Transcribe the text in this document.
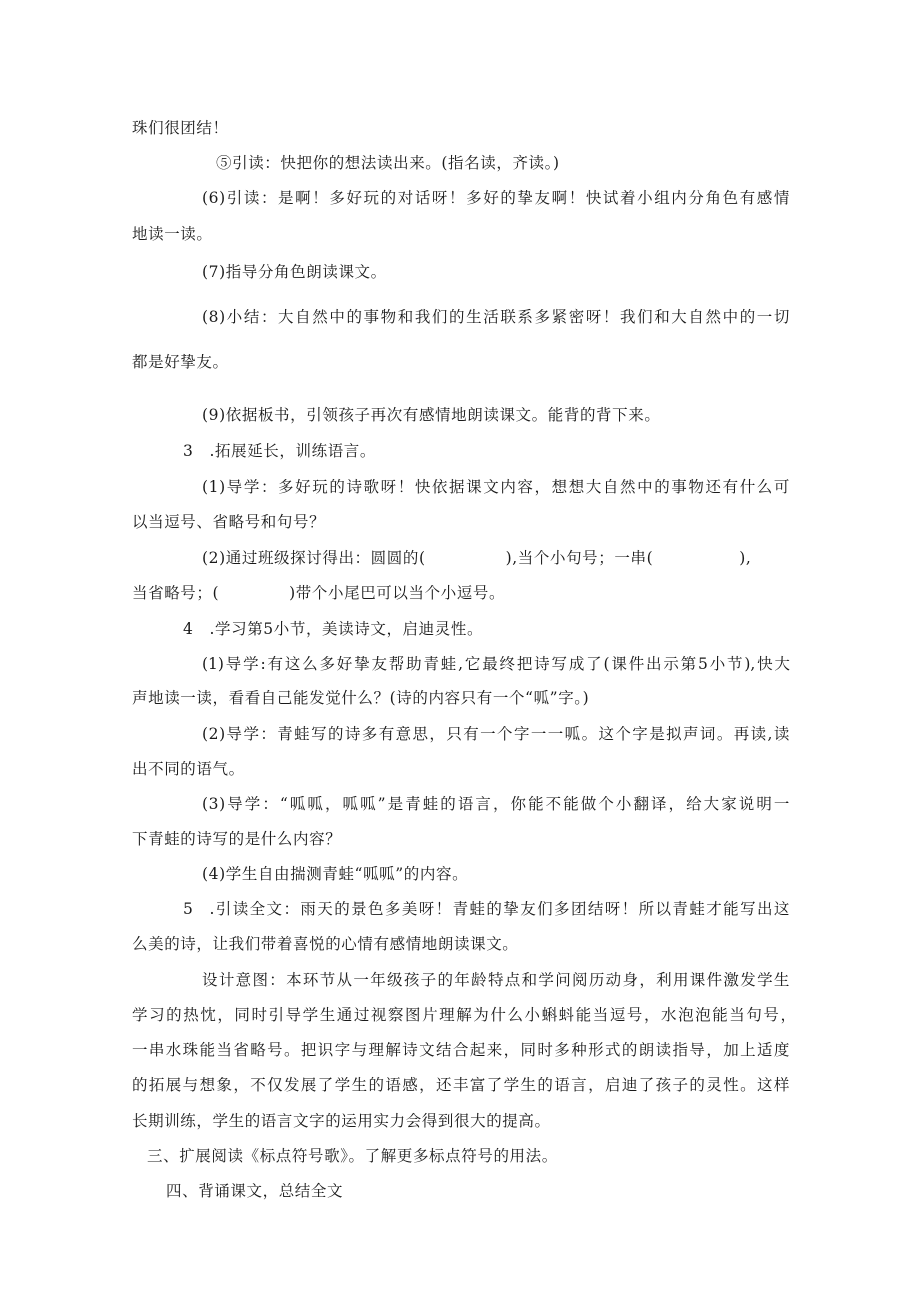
珠们很团结！
⑤引读：快把你的想法读出来。(指名读，齐读。)
(6)引读：是啊！多好玩的对话呀！多好的挚友啊！快试着小组内分角色有感情
地读一读。
(7)指导分角色朗读课文。
(8)小结：大自然中的事物和我们的生活联系多紧密呀！我们和大自然中的一切
都是好挚友。
(9)依据板书，引领孩子再次有感情地朗读课文。能背的背下来。
3 .拓展延长，训练语言。
(1)导学：多好玩的诗歌呀！快依据课文内容，想想大自然中的事物还有什么可
以当逗号、省略号和句号？
(2)通过班级探讨得出：圆圆的(	),当个小句号；一串(	),
当省略号；(	)带个小尾巴可以当个小逗号。
4 .学习第5小节，美读诗文，启迪灵性。
(1)导学:有这么多好挚友帮助青蛙,它最终把诗写成了(课件出示第5小节),快大
声地读一读，看看自己能发觉什么？(诗的内容只有一个“呱”字。)
(2)导学：青蛙写的诗多有意思，只有一个字一一呱。这个字是拟声词。再读,读
出不同的语气。
(3)导学：“呱呱，呱呱”是青蛙的语言，你能不能做个小翻译，给大家说明一
下青蛙的诗写的是什么内容？
(4)学生自由揣测青蛙“呱呱”的内容。
5 .引读全文：雨天的景色多美呀！青蛙的挚友们多团结呀！所以青蛙才能写出这
么美的诗，让我们带着喜悦的心情有感情地朗读课文。
设计意图：本环节从一年级孩子的年龄特点和学问阅历动身，利用课件激发学生
学习的热忱，同时引导学生通过视察图片理解为什么小蝌蚪能当逗号，水泡泡能当句号，
一串水珠能当省略号。把识字与理解诗文结合起来，同时多种形式的朗读指导，加上适度
的拓展与想象，不仅发展了学生的语感，还丰富了学生的语言，启迪了孩子的灵性。这样
长期训练，学生的语言文字的运用实力会得到很大的提高。
三、扩展阅读《标点符号歌》。了解更多标点符号的用法。
四、背诵课文，总结全文
